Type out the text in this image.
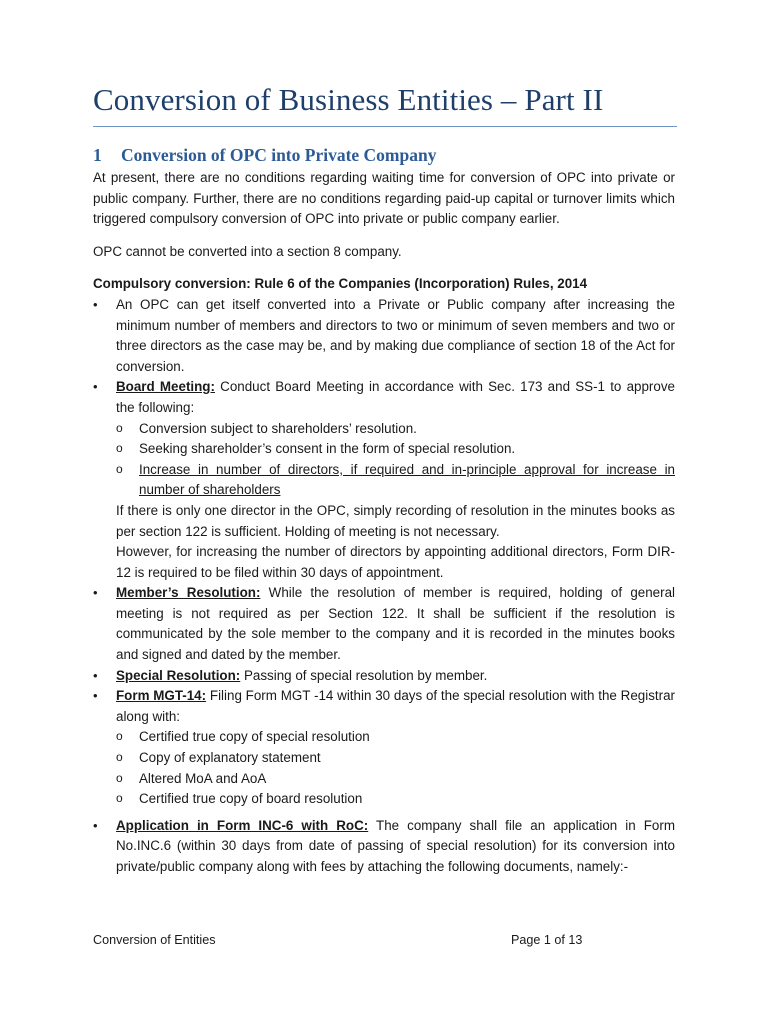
Conversion of Business Entities – Part II
1 Conversion of OPC into Private Company

At present, there are no conditions regarding waiting time for conversion of OPC into private or public company. Further, there are no conditions regarding paid-up capital or turnover limits which triggered compulsory conversion of OPC into private or public company earlier.

OPC cannot be converted into a section 8 company.

Compulsory conversion: Rule 6 of the Companies (Incorporation) Rules, 2014

•	An OPC can get itself converted into a Private or Public company after increasing the minimum number of members and directors to two or minimum of seven members and two or three directors as the case may be, and by making due compliance of section 18 of the Act for conversion.
•	Board Meeting: Conduct Board Meeting in accordance with Sec. 173 and SS-1 to approve the following:
o Conversion subject to shareholders’ resolution.
o Seeking shareholder’s consent in the form of special resolution.
o Increase in number of directors, if required and in-principle approval for increase in number of shareholders
If there is only one director in the OPC, simply recording of resolution in the minutes books as per section 122 is sufficient. Holding of meeting is not necessary.
However, for increasing the number of directors by appointing additional directors, Form DIR-12 is required to be filed within 30 days of appointment.
•	Member’s Resolution: While the resolution of member is required, holding of general meeting is not required as per Section 122. It shall be sufficient if the resolution is communicated by the sole member to the company and it is recorded in the minutes books and signed and dated by the member.
•	Special Resolution: Passing of special resolution by member.
•	Form MGT-14: Filing Form MGT -14 within 30 days of the special resolution with the Registrar along with:
o Certified true copy of special resolution
o Copy of explanatory statement
o Altered MoA and AoA
o Certified true copy of board resolution
•	Application in Form INC-6 with RoC: The company shall file an application in Form No.INC.6 (within 30 days from date of passing of special resolution) for its conversion into private/public company along with fees by attaching the following documents, namely:-
Conversion of Entities	Page 1 of 13
